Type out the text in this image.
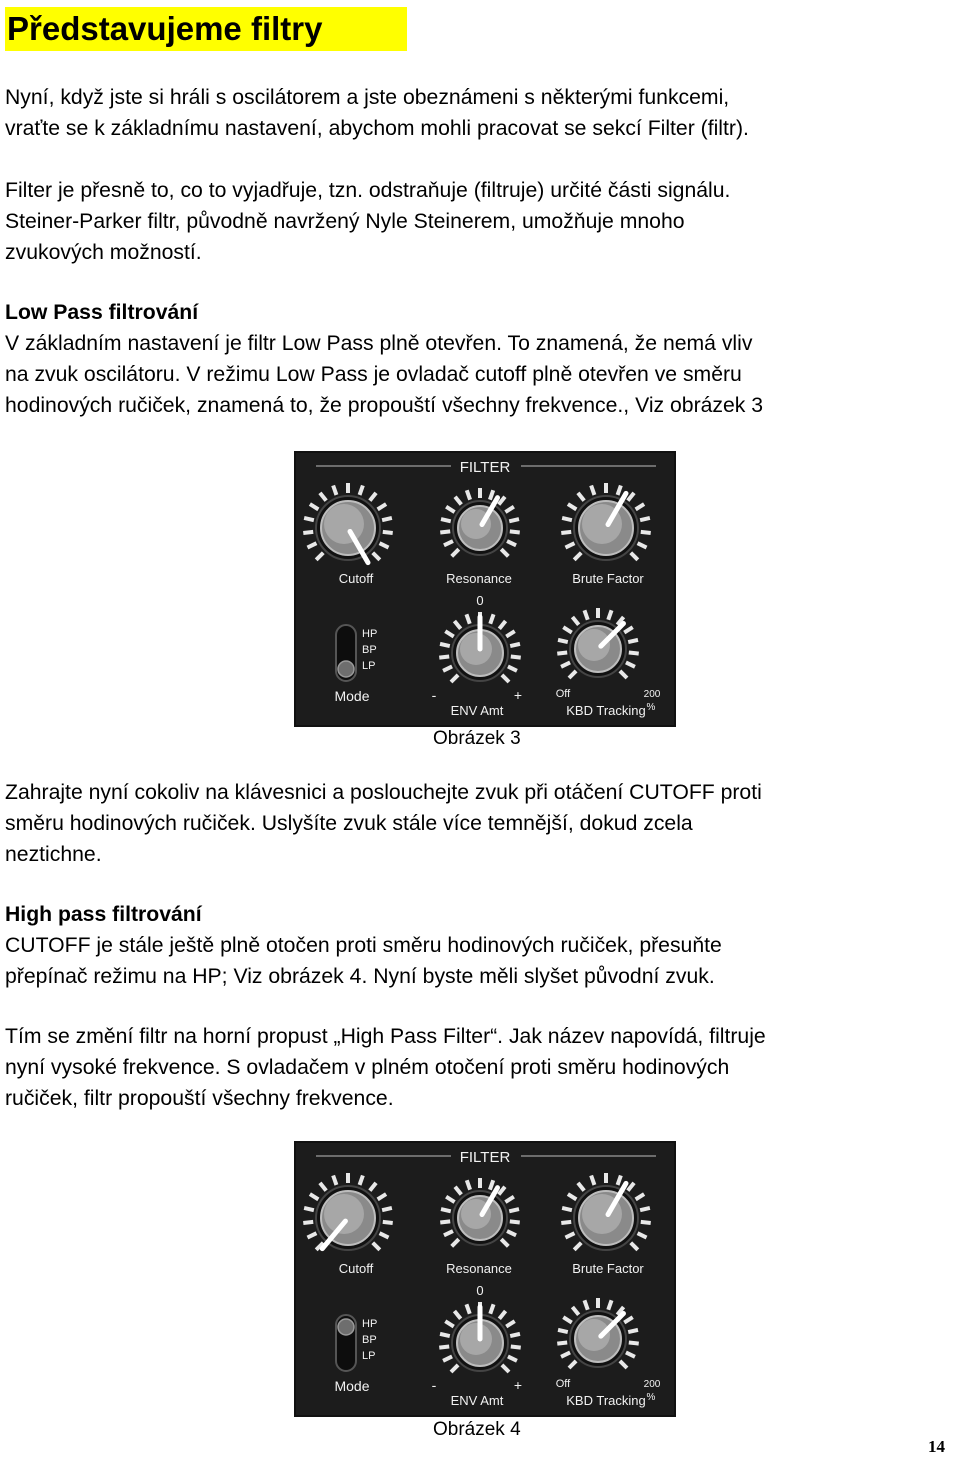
Představujeme filtry
Nyní, když jste si hráli s oscilátorem a jste obeznámeni s některými funkcemi,
vraťte se k základnímu nastavení, abychom mohli pracovat se sekcí Filter (filtr).
Filter je přesně to, co to vyjadřuje, tzn. odstraňuje (filtruje) určité části signálu.
Steiner-Parker filtr, původně navržený Nyle Steinerem, umožňuje mnoho
zvukových možností.
Low Pass filtrování
V základním nastavení je filtr Low Pass plně otevřen. To znamená, že nemá vliv
na zvuk oscilátoru. V režimu Low Pass je ovladač cutoff plně otevřen ve směru
hodinových ručiček, znamená to, že propouští všechny frekvence., Viz obrázek 3
FILTER
Cutoff	Resonance	Brute Factor
0
-	+
ENV Amt
Off	200
%
KBD Tracking
HP
BP
LP
Mode
Obrázek 3
Zahrajte nyní cokoliv na klávesnici a poslouchejte zvuk při otáčení CUTOFF proti
směru hodinových ručiček. Uslyšíte zvuk stále více temnější, dokud zcela
neztichne.
High pass filtrování
CUTOFF je stále ještě plně otočen proti směru hodinových ručiček, přesuňte
přepínač režimu na HP; Viz obrázek 4. Nyní byste měli slyšet původní zvuk.
Tím se změní filtr na horní propust „High Pass Filter“. Jak název napovídá, filtruje
nyní vysoké frekvence. S ovladačem v plném otočení proti směru hodinových
ručiček, filtr propouští všechny frekvence.
FILTER
Cutoff	Resonance	Brute Factor
0
-	+
ENV Amt
Off	200
%
KBD Tracking
HP
BP
LP
Mode
Obrázek 4
14
